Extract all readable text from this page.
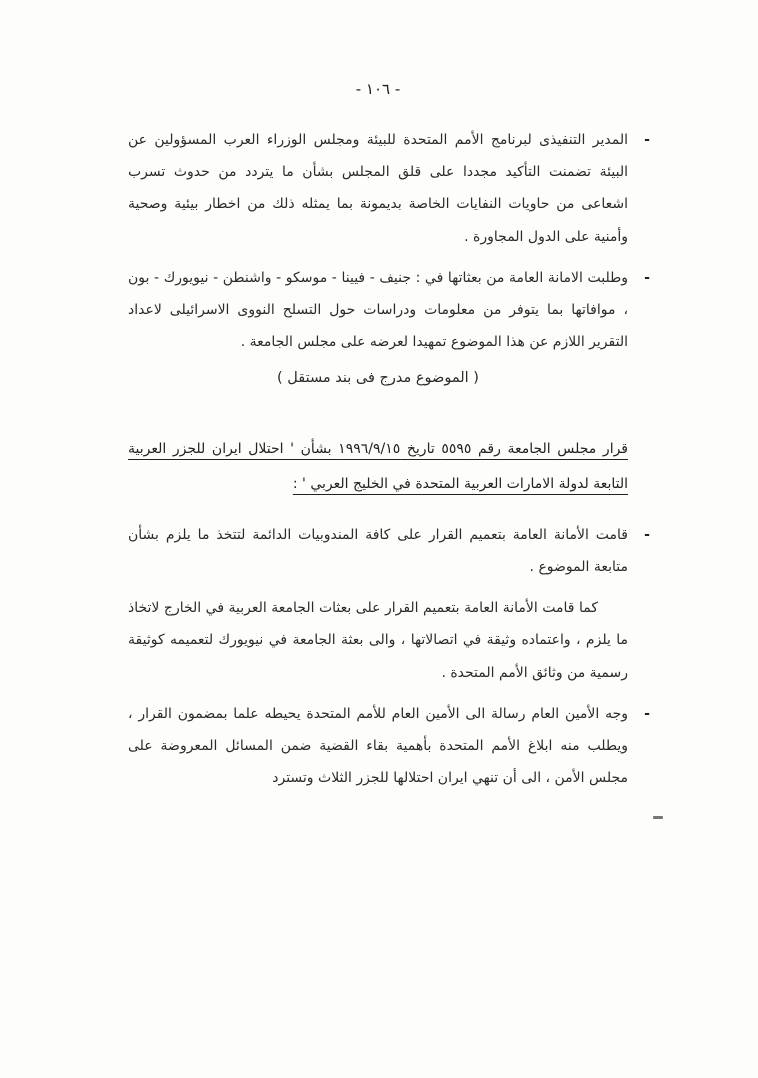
- ١٠٦ -
-
المدير التنفيذى لبرنامج الأمم المتحدة للبيئة ومجلس الوزراء العرب المسؤولين عن البيئة تضمنت التأكيد مجددا على قلق المجلس بشأن ما يتردد من حدوث تسرب اشعاعى من حاويات النفايات الخاصة بديمونة بما يمثله ذلك من اخطار بيئية وصحية وأمنية على الدول المجاورة .
-
وطلبت الامانة العامة من بعثاتها في : جنيف - فيينا - موسكو - واشنطن - نيويورك - بون ، موافاتها بما يتوفر من معلومات ودراسات حول التسلح النووى الاسرائيلى لاعداد التقرير اللازم عن هذا الموضوع تمهيدا لعرضه على مجلس الجامعة .
( الموضوع مدرج فى بند مستقل )
قرار مجلس الجامعة رقم ٥٥٩٥ تاريخ ١٩٩٦/٩/١٥ بشأن ' احتلال ايران للجزر العربية التابعة لدولة الامارات العربية المتحدة في الخليج العربي ' :
-
قامت الأمانة العامة بتعميم القرار على كافة المندوبيات الدائمة لتتخذ ما يلزم بشأن متابعة الموضوع .
كما قامت الأمانة العامة بتعميم القرار على بعثات الجامعة العربية في الخارج لاتخاذ ما يلزم ، واعتماده وثيقة في اتصالاتها ، والى بعثة الجامعة في نيويورك لتعميمه كوثيقة رسمية من وثائق الأمم المتحدة .
-
وجه الأمين العام رسالة الى الأمين العام للأمم المتحدة يحيطه علما بمضمون القرار ، ويطلب منه ابلاغ الأمم المتحدة بأهمية بقاء القضية ضمن المسائل المعروضة على مجلس الأمن ، الى أن تنهي ايران احتلالها للجزر الثلاث وتسترد
